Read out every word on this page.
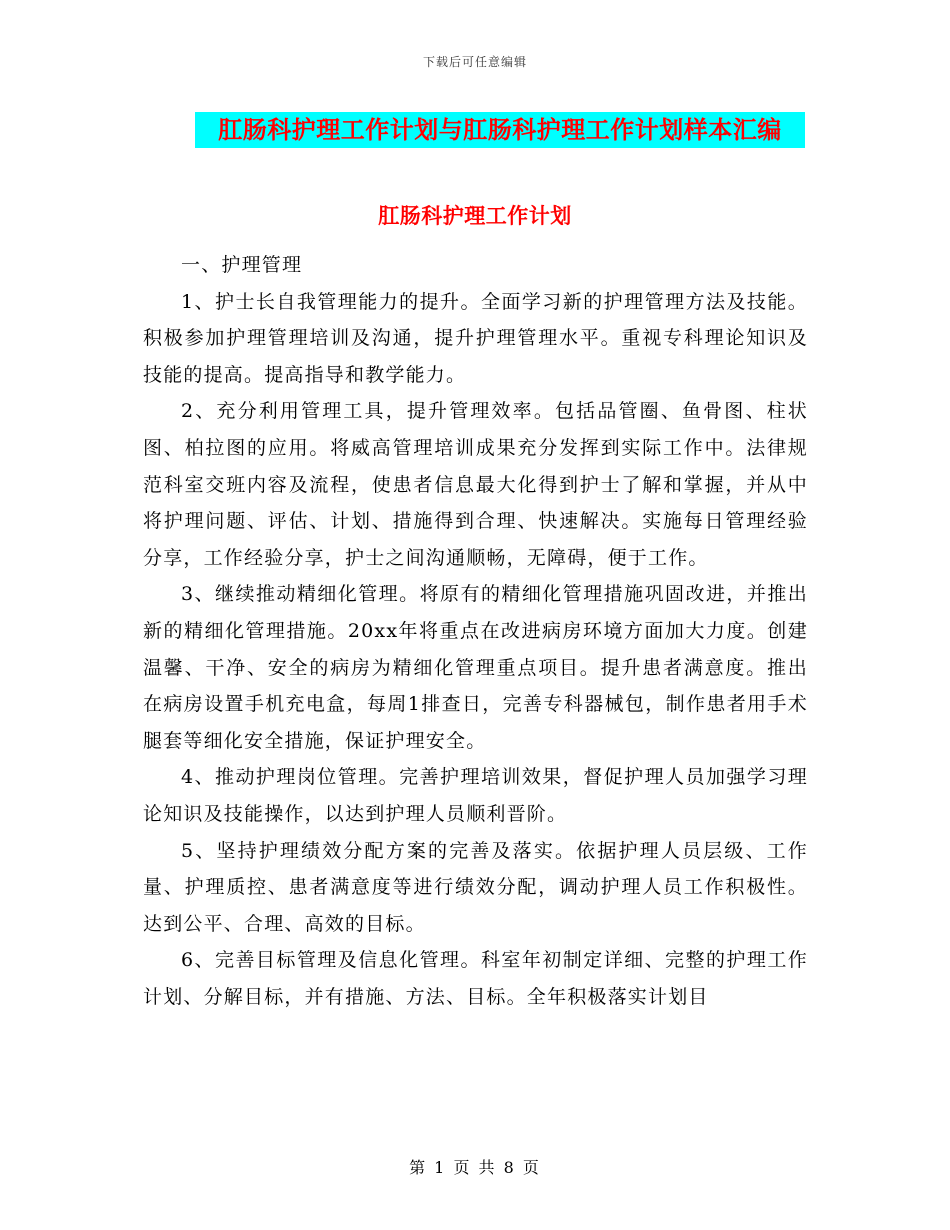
下载后可任意编辑
肛肠科护理工作计划与肛肠科护理工作计划样本汇编
肛肠科护理工作计划

一、护理管理

1、护士长自我管理能力的提升。全面学习新的护理管理方法及技能。积极参加护理管理培训及沟通，提升护理管理水平。重视专科理论知识及技能的提高。提高指导和教学能力。

2、充分利用管理工具，提升管理效率。包括品管圈、鱼骨图、柱状图、柏拉图的应用。将威高管理培训成果充分发挥到实际工作中。法律规范科室交班内容及流程，使患者信息最大化得到护士了解和掌握，并从中将护理问题、评估、计划、措施得到合理、快速解决。实施每日管理经验分享，工作经验分享，护士之间沟通顺畅，无障碍，便于工作。

3、继续推动精细化管理。将原有的精细化管理措施巩固改进，并推出新的精细化管理措施。20xx年将重点在改进病房环境方面加大力度。创建温馨、干净、安全的病房为精细化管理重点项目。提升患者满意度。推出在病房设置手机充电盒，每周1排查日，完善专科器械包，制作患者用手术腿套等细化安全措施，保证护理安全。

4、推动护理岗位管理。完善护理培训效果，督促护理人员加强学习理论知识及技能操作，以达到护理人员顺利晋阶。

5、坚持护理绩效分配方案的完善及落实。依据护理人员层级、工作量、护理质控、患者满意度等进行绩效分配，调动护理人员工作积极性。达到公平、合理、高效的目标。

6、完善目标管理及信息化管理。科室年初制定详细、完整的护理工作计划、分解目标，并有措施、方法、目标。全年积极落实计划目

第 1 页 共 8 页
